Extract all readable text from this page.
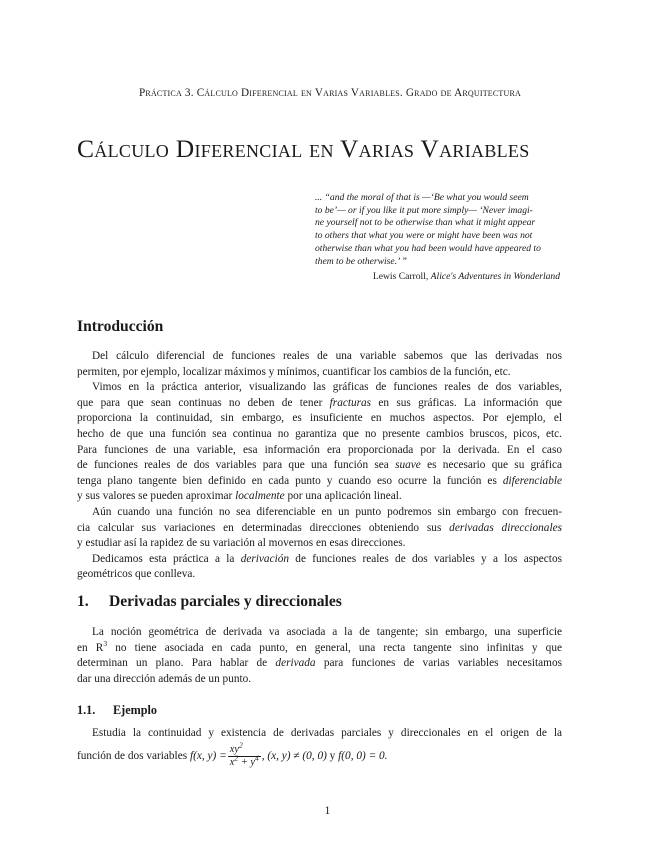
Práctica 3. Cálculo Diferencial en Varias Variables. Grado de Arquitectura
Cálculo Diferencial en Varias Variables
... “and the moral of that is —‘Be what you would seem
to be’— or if you like it put more simply— ‘Never imagi-
ne yourself not to be otherwise than what it might appear
to others that what you were or might have been was not
otherwise than what you had been would have appeared to
them to be otherwise.’ ”
Lewis Carroll, Alice's Adventures in Wonderland
Introducción
Del cálculo diferencial de funciones reales de una variable sabemos que las derivadas nos
permiten, por ejemplo, localizar máximos y mínimos, cuantificar los cambios de la función, etc.
Vimos en la práctica anterior, visualizando las gráficas de funciones reales de dos variables,
que para que sean continuas no deben de tener fracturas en sus gráficas. La información que
proporciona la continuidad, sin embargo, es insuficiente en muchos aspectos. Por ejemplo, el
hecho de que una función sea continua no garantiza que no presente cambios bruscos, picos, etc.
Para funciones de una variable, esa información era proporcionada por la derivada. En el caso
de funciones reales de dos variables para que una función sea suave es necesario que su gráfica
tenga plano tangente bien definido en cada punto y cuando eso ocurre la función es diferenciable
y sus valores se pueden aproximar localmente por una aplicación lineal.
Aún cuando una función no sea diferenciable en un punto podremos sin embargo con frecuen-
cia calcular sus variaciones en determinadas direcciones obteniendo sus derivadas direccionales
y estudiar así la rapidez de su variación al movernos en esas direcciones.
Dedicamos esta práctica a la derivación de funciones reales de dos variables y a los aspectos
geométricos que conlleva.
1. Derivadas parciales y direccionales
La noción geométrica de derivada va asociada a la de tangente; sin embargo, una superficie
en $R^3$ no tiene asociada en cada punto, en general, una recta tangente sino infinitas y que
determinan un plano. Para hablar de derivada para funciones de varias variables necesitamos
dar una dirección además de un punto.
1.1. Ejemplo
Estudia la continuidad y existencia de derivadas parciales y direccionales en el origen de la
función de dos variables f(x, $y) = \frac{xy^2}{x^2 + y^4}$ , (x, y) ≠ (0, 0) y f(0, 0) = 0.
1
